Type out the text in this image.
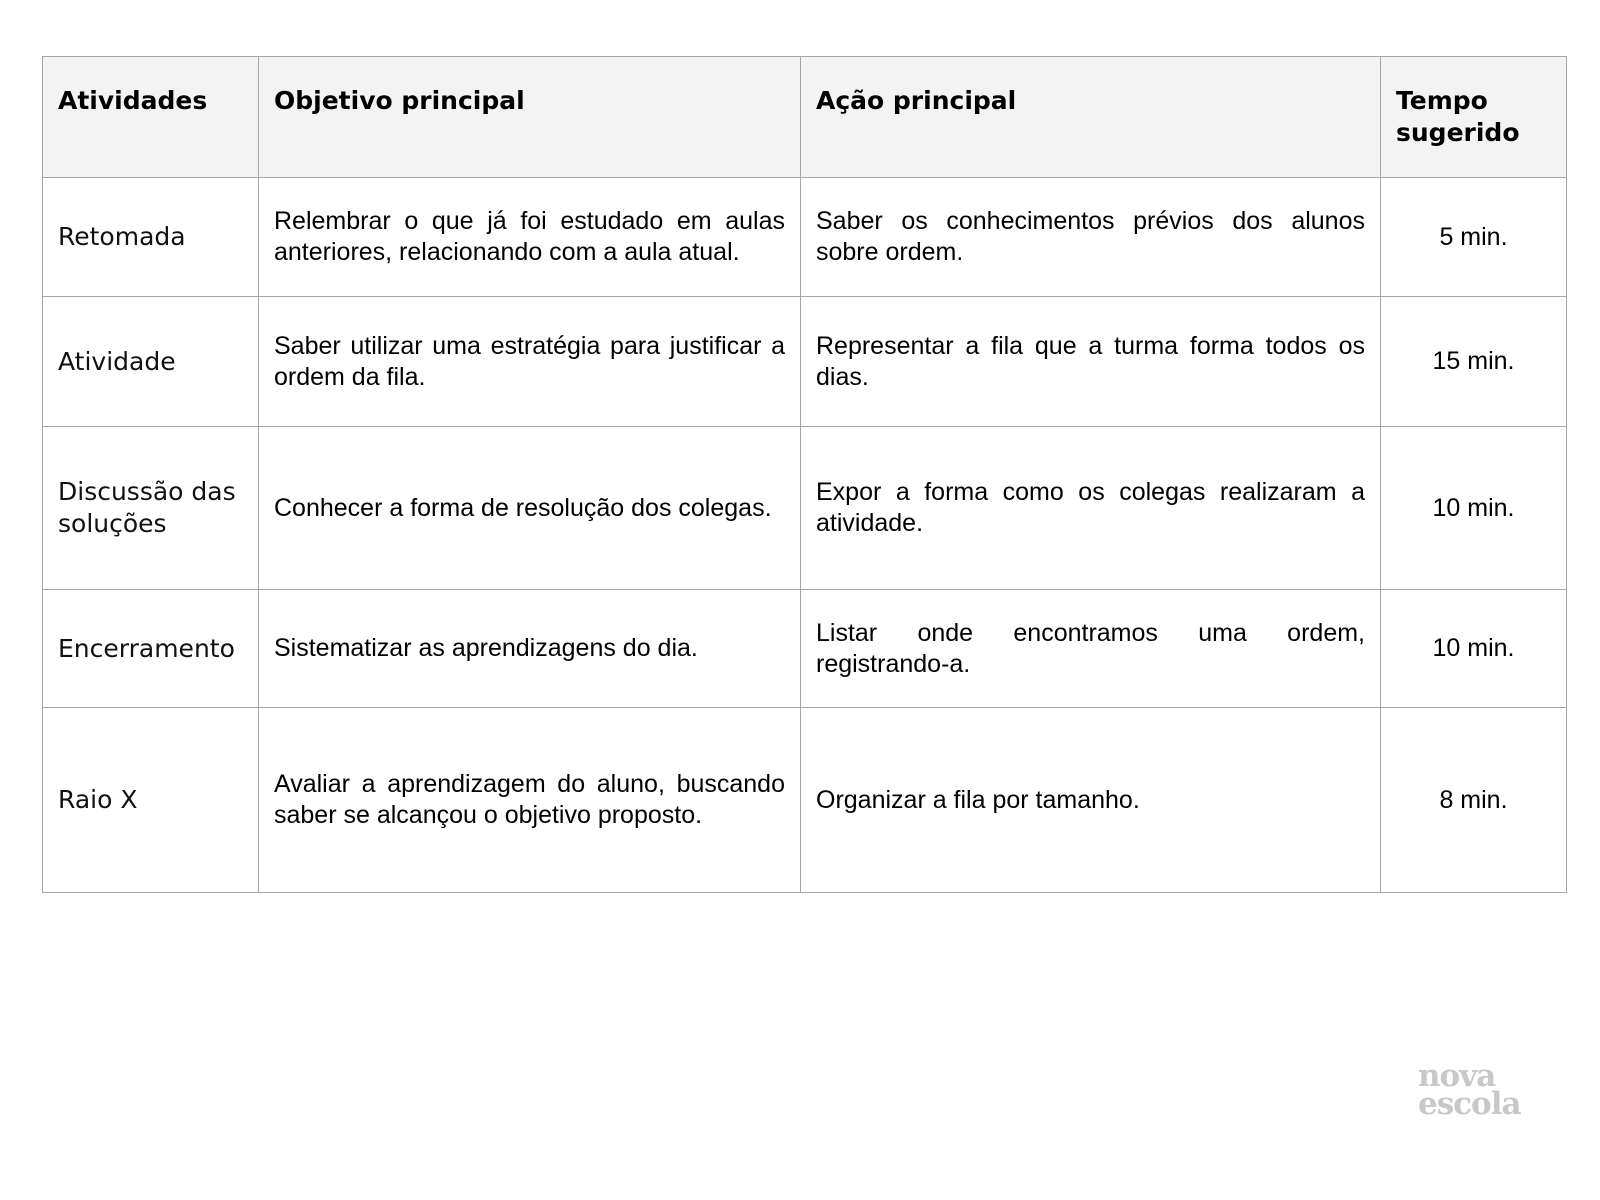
Atividades	Objetivo principal	Ação principal	Tempo sugerido
Retomada	Relembrar o que já foi estudado em aulas anteriores, relacionando com a aula atual.	Saber os conhecimentos prévios dos alunos sobre ordem.	5 min.
Atividade	Saber utilizar uma estratégia para justificar a ordem da fila.	Representar a fila que a turma forma todos os dias.	15 min.
Discussão das soluções	Conhecer a forma de resolução dos colegas.	Expor a forma como os colegas realizaram a atividade.	10 min.
Encerramento	Sistematizar as aprendizagens do dia.	Listar onde encontramos uma ordem, registrando-a.	10 min.
Raio X	Avaliar a aprendizagem do aluno, buscando saber se alcançou o objetivo proposto.	Organizar a fila por tamanho.	8 min.
nova
escola
